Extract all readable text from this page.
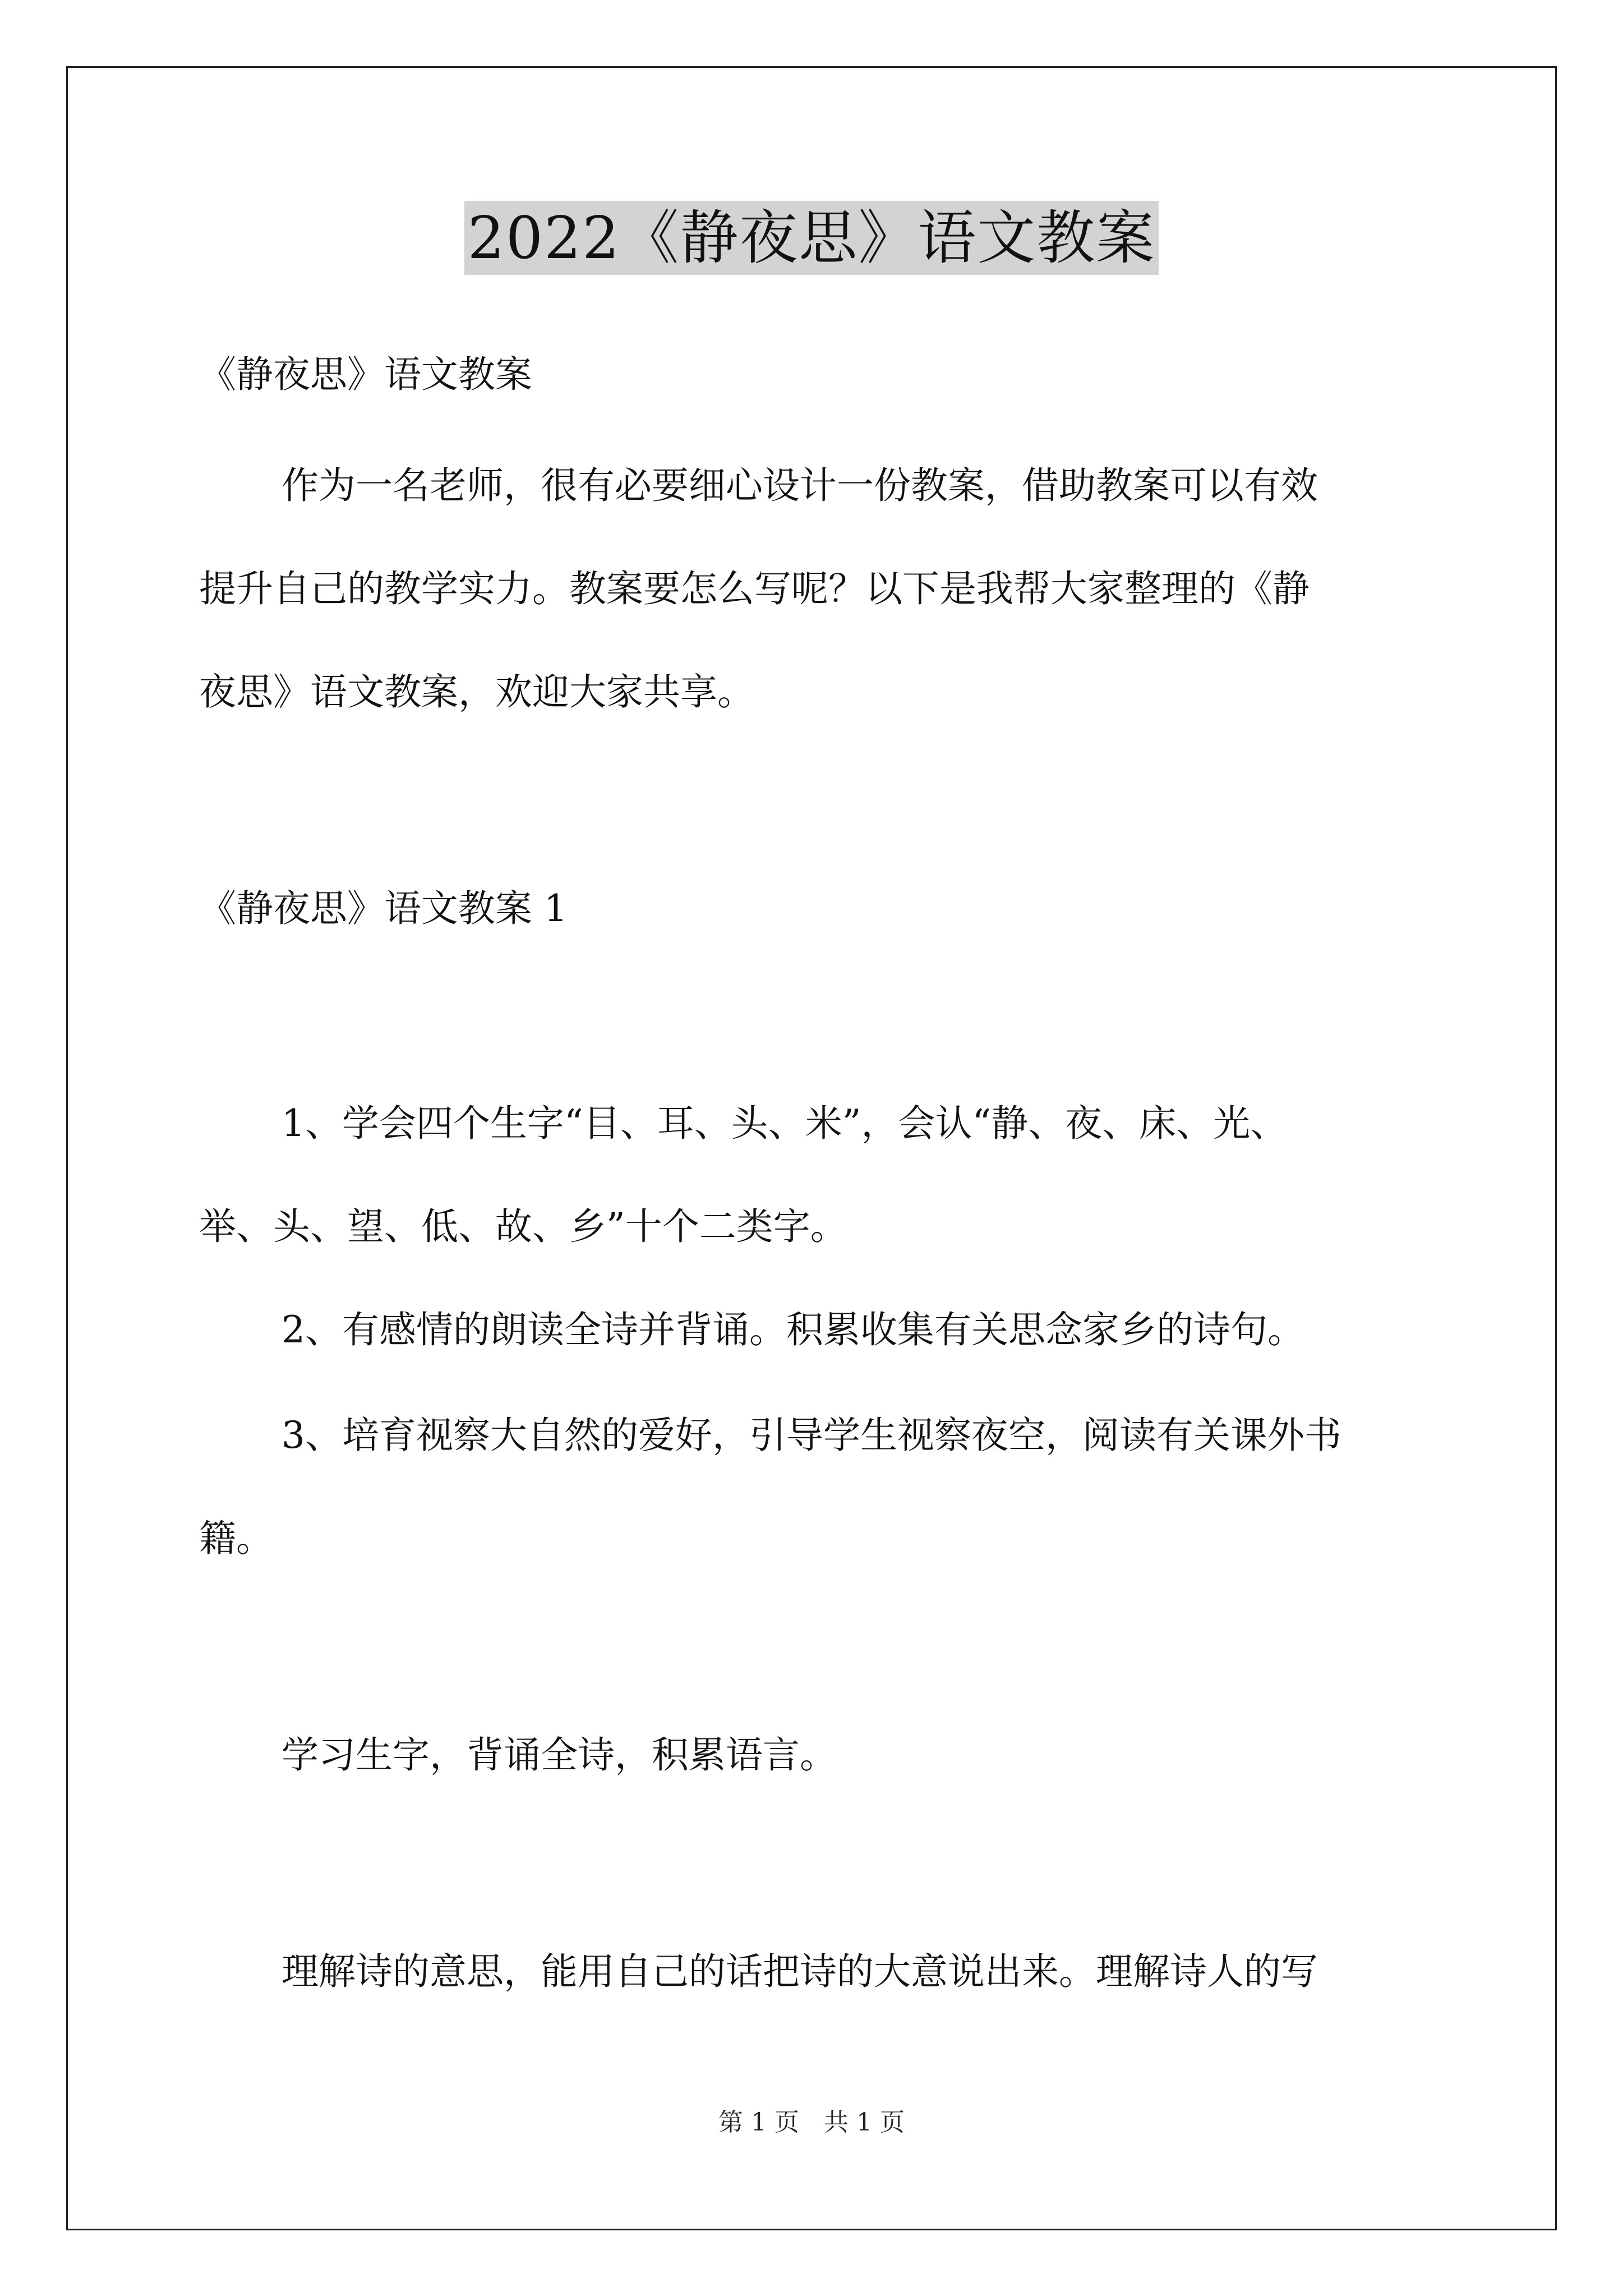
2022《静夜思》语文教案
《静夜思》语文教案
作为一名老师，很有必要细心设计一份教案，借助教案可以有效
提升自己的教学实力。教案要怎么写呢？以下是我帮大家整理的《静
夜思》语文教案，欢迎大家共享。
《静夜思》语文教案 1
1、学会四个生字“目、耳、头、米”，会认“静、夜、床、光、
举、头、望、低、故、乡”十个二类字。
2、有感情的朗读全诗并背诵。积累收集有关思念家乡的诗句。
3、培育视察大自然的爱好，引导学生视察夜空，阅读有关课外书
籍。
学习生字，背诵全诗，积累语言。
理解诗的意思，能用自己的话把诗的大意说出来。理解诗人的写
第 1 页　共 1 页
